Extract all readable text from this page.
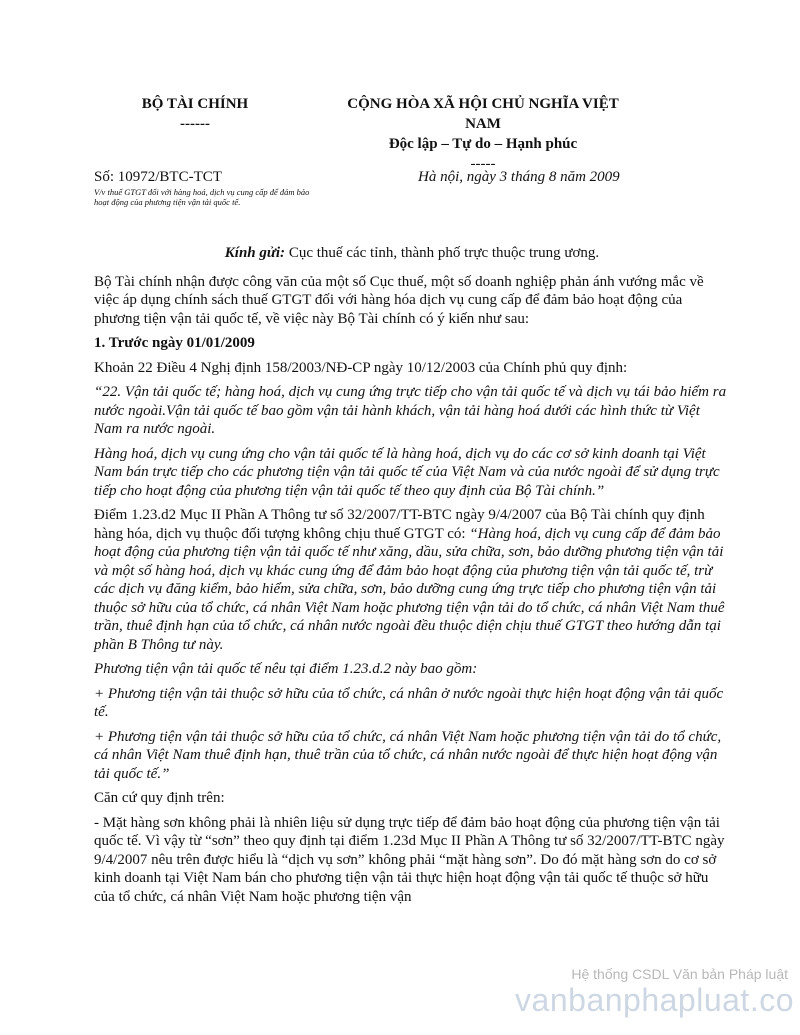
BỘ TÀI CHÍNH
------
CỘNG HÒA XÃ HỘI CHỦ NGHĨA VIỆT
NAM
Độc lập – Tự do – Hạnh phúc
-----
Số: 10972/BTC-TCT
V/v thuế GTGT đối với hàng hoá, dịch vụ cung cấp để đảm bảo hoạt động của phương tiện vận tải quốc tế.
Hà nội, ngày 3 tháng 8 năm 2009

Kính gửi: Cục thuế các tỉnh, thành phố trực thuộc trung ương.

Bộ Tài chính nhận được công văn của một số Cục thuế, một số doanh nghiệp phản ánh vướng mắc về việc áp dụng chính sách thuế GTGT đối với hàng hóa dịch vụ cung cấp để đảm bảo hoạt động của phương tiện vận tải quốc tế, về việc này Bộ Tài chính có ý kiến như sau:

1. Trước ngày 01/01/2009

Khoản 22 Điều 4 Nghị định 158/2003/NĐ-CP ngày 10/12/2003 của Chính phủ quy định:

“22. Vận tải quốc tế; hàng hoá, dịch vụ cung ứng trực tiếp cho vận tải quốc tế và dịch vụ tái bảo hiểm ra nước ngoài.Vận tải quốc tế bao gồm vận tải hành khách, vận tải hàng hoá dưới các hình thức từ Việt Nam ra nước ngoài.

Hàng hoá, dịch vụ cung ứng cho vận tải quốc tế là hàng hoá, dịch vụ do các cơ sở kinh doanh tại Việt Nam bán trực tiếp cho các phương tiện vận tải quốc tế của Việt Nam và của nước ngoài để sử dụng trực tiếp cho hoạt động của phương tiện vận tải quốc tế theo quy định của Bộ Tài chính.”

Điểm 1.23.d2 Mục II Phần A Thông tư số 32/2007/TT-BTC ngày 9/4/2007 của Bộ Tài chính quy định hàng hóa, dịch vụ thuộc đối tượng không chịu thuế GTGT có: “Hàng hoá, dịch vụ cung cấp để đảm bảo hoạt động của phương tiện vận tải quốc tế như xăng, dầu, sửa chữa, sơn, bảo dưỡng phương tiện vận tải và một số hàng hoá, dịch vụ khác cung ứng để đảm bảo hoạt động của phương tiện vận tải quốc tế, trừ các dịch vụ đăng kiểm, bảo hiểm, sửa chữa, sơn, bảo dưỡng cung ứng trực tiếp cho phương tiện vận tải thuộc sở hữu của tổ chức, cá nhân Việt Nam hoặc phương tiện vận tải do tổ chức, cá nhân Việt Nam thuê trần, thuê định hạn của tổ chức, cá nhân nước ngoài đều thuộc diện chịu thuế GTGT theo hướng dẫn tại phần B Thông tư này.

Phương tiện vận tải quốc tế nêu tại điểm 1.23.d.2 này bao gồm:

+ Phương tiện vận tải thuộc sở hữu của tổ chức, cá nhân ở nước ngoài thực hiện hoạt động vận tải quốc tế.

+ Phương tiện vận tải thuộc sở hữu của tổ chức, cá nhân Việt Nam hoặc phương tiện vận tải do tổ chức, cá nhân Việt Nam thuê định hạn, thuê trần của tổ chức, cá nhân nước ngoài để thực hiện hoạt động vận tải quốc tế.”

Căn cứ quy định trên:

- Mặt hàng sơn không phải là nhiên liệu sử dụng trực tiếp để đảm bảo hoạt động của phương tiện vận tải quốc tế. Vì vậy từ “sơn” theo quy định tại điểm 1.23d Mục II Phần A Thông tư số 32/2007/TT-BTC ngày 9/4/2007 nêu trên được hiểu là “dịch vụ sơn” không phải “mặt hàng sơn”. Do đó mặt hàng sơn do cơ sở kinh doanh tại Việt Nam bán cho phương tiện vận tải thực hiện hoạt động vận tải quốc tế thuộc sở hữu của tổ chức, cá nhân Việt Nam hoặc phương tiện vận

Hệ thống CSDL Văn bản Pháp luật
vanbanphapluat.co
